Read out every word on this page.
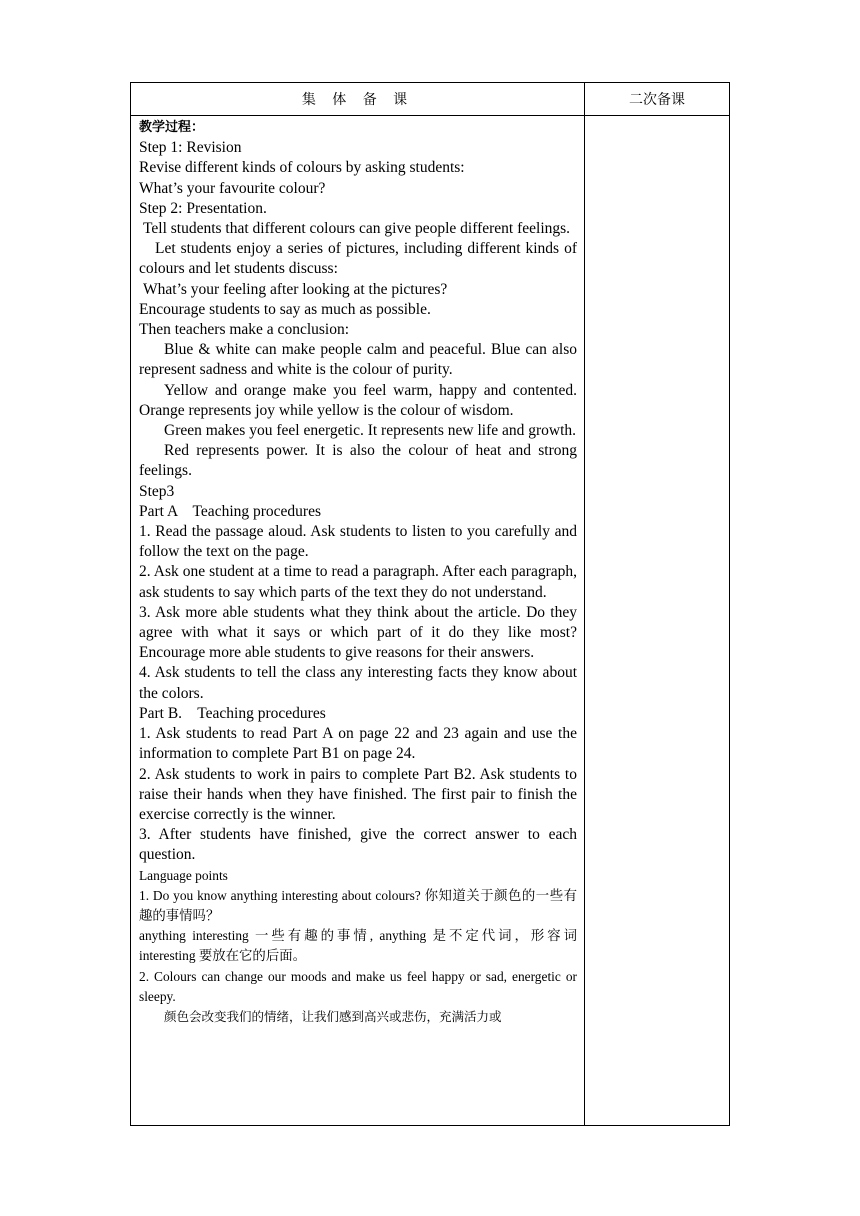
集 体 备 课	二次备课

教学过程：

Step 1: Revision

Revise different kinds of colours by asking students:

What’s your favourite colour?

Step 2: Presentation.

Tell students that different colours can give people different feelings.

Let students enjoy a series of pictures, including different kinds of colours and let students discuss:

What’s your feeling after looking at the pictures?

Encourage students to say as much as possible.

Then teachers make a conclusion:

Blue & white can make people calm and peaceful. Blue can also represent sadness and white is the colour of purity.

Yellow and orange make you feel warm, happy and contented. Orange represents joy while yellow is the colour of wisdom.

Green makes you feel energetic. It represents new life and growth.

Red represents power. It is also the colour of heat and strong feelings.

Step3

Part A    Teaching procedures

1. Read the passage aloud. Ask students to listen to you carefully and follow the text on the page.

2. Ask one student at a time to read a paragraph. After each paragraph, ask students to say which parts of the text they do not understand.

3. Ask more able students what they think about the article. Do they agree with what it says or which part of it do they like most? Encourage more able students to give reasons for their answers.

4. Ask students to tell the class any interesting facts they know about the colors.

Part B.    Teaching procedures

1. Ask students to read Part A on page 22 and 23 again and use the information to complete Part B1 on page 24.

2. Ask students to work in pairs to complete Part B2. Ask students to raise their hands when they have finished. The first pair to finish the exercise correctly is the winner.

3. After students have finished, give the correct answer to each question.

Language points

1. Do you know anything interesting about colours? 你知道关于颜色的一些有趣的事情吗？

anything interesting 一些有趣的事情, anything 是不定代词，形容词 interesting 要放在它的后面。

2. Colours can change our moods and make us feel happy or sad, energetic or sleepy.

颜色会改变我们的情绪，让我们感到高兴或悲伤，充满活力或
